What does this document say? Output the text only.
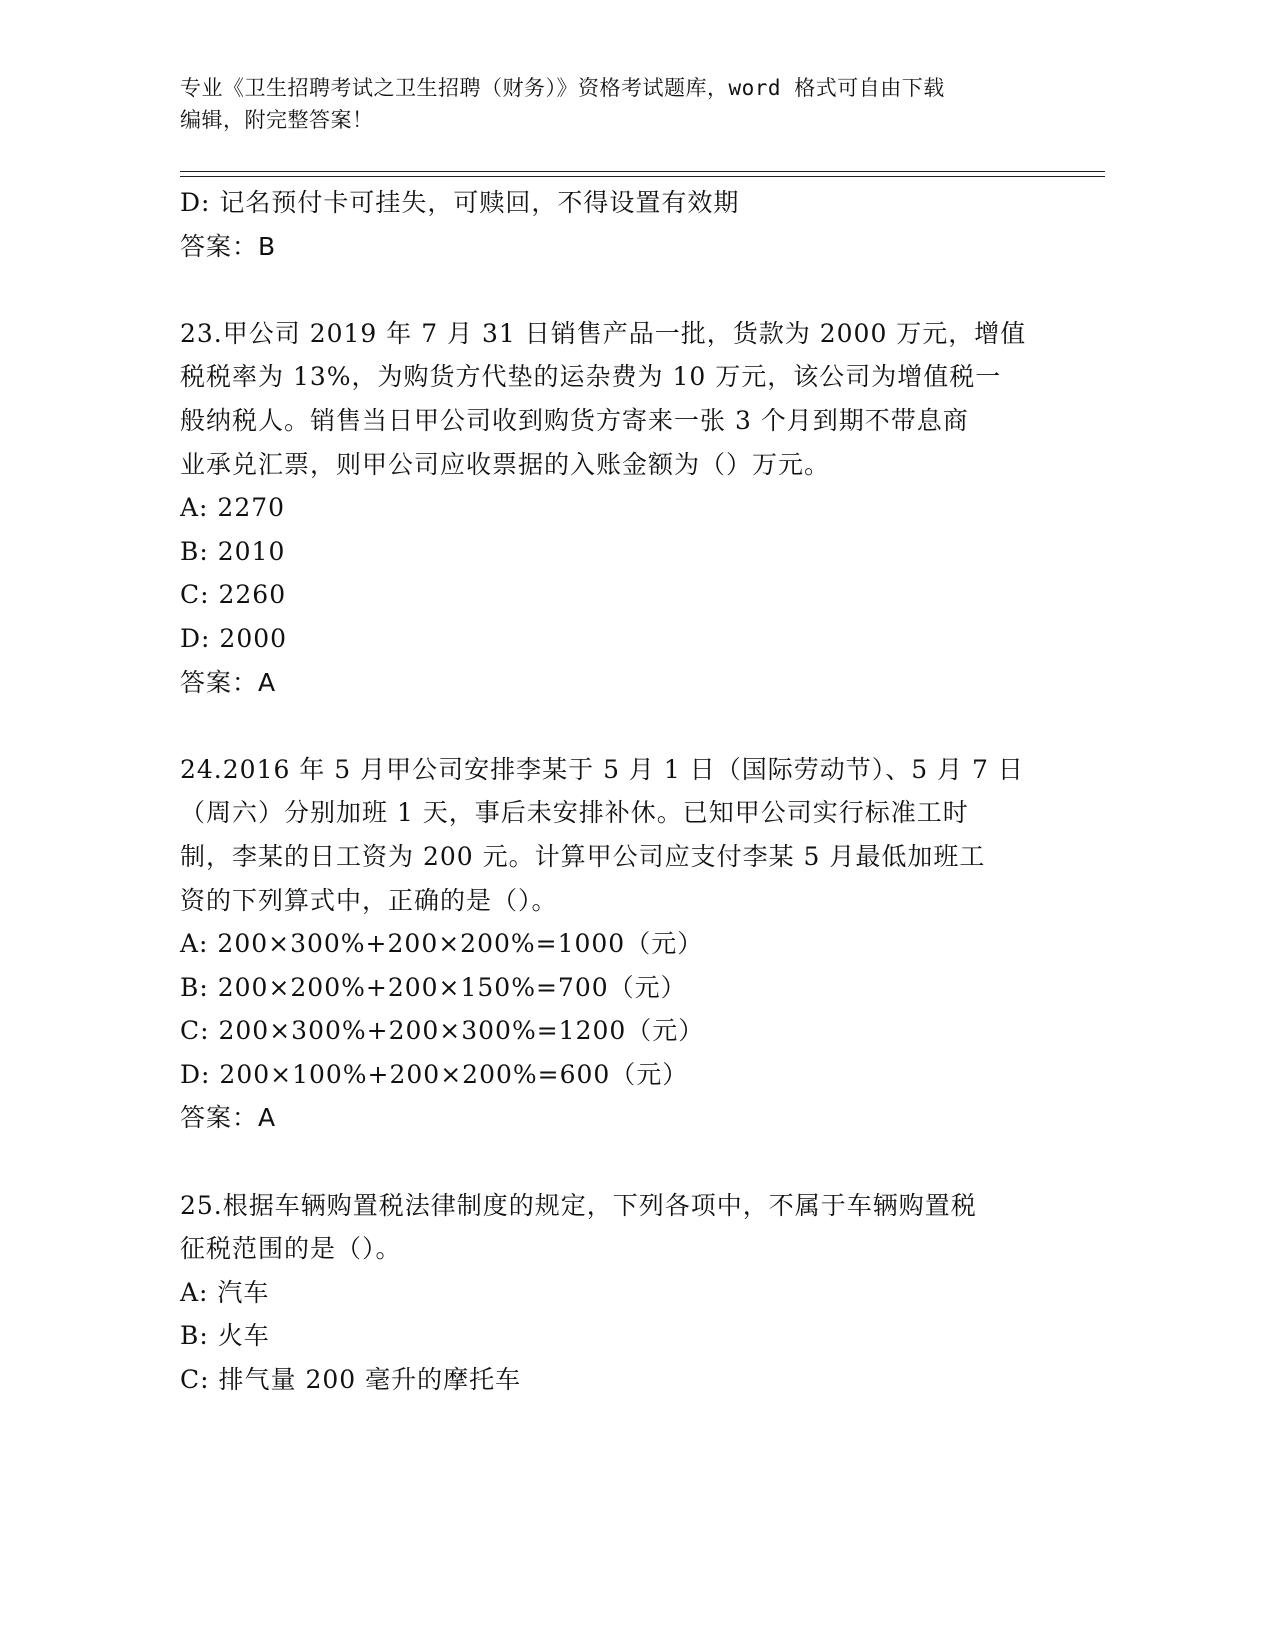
专业《卫生招聘考试之卫生招聘（财务）》资格考试题库，word 格式可自由下载
编辑，附完整答案！
D: 记名预付卡可挂失，可赎回，不得设置有效期
答案：B
23.甲公司 2019 年 7 月 31 日销售产品一批，货款为 2000 万元，增值
税税率为 13%，为购货方代垫的运杂费为 10 万元，该公司为增值税一
般纳税人。销售当日甲公司收到购货方寄来一张 3 个月到期不带息商
业承兑汇票，则甲公司应收票据的入账金额为（）万元。
A: 2270
B: 2010
C: 2260
D: 2000
答案：A
24.2016 年 5 月甲公司安排李某于 5 月 1 日（国际劳动节）、5 月 7 日
（周六）分别加班 1 天，事后未安排补休。已知甲公司实行标准工时
制，李某的日工资为 200 元。计算甲公司应支付李某 5 月最低加班工
资的下列算式中，正确的是（）。
A: 200×300%+200×200%=1000（元）
B: 200×200%+200×150%=700（元）
C: 200×300%+200×300%=1200（元）
D: 200×100%+200×200%=600（元）
答案：A
25.根据车辆购置税法律制度的规定，下列各项中，不属于车辆购置税
征税范围的是（）。
A: 汽车
B: 火车
C: 排气量 200 毫升的摩托车
